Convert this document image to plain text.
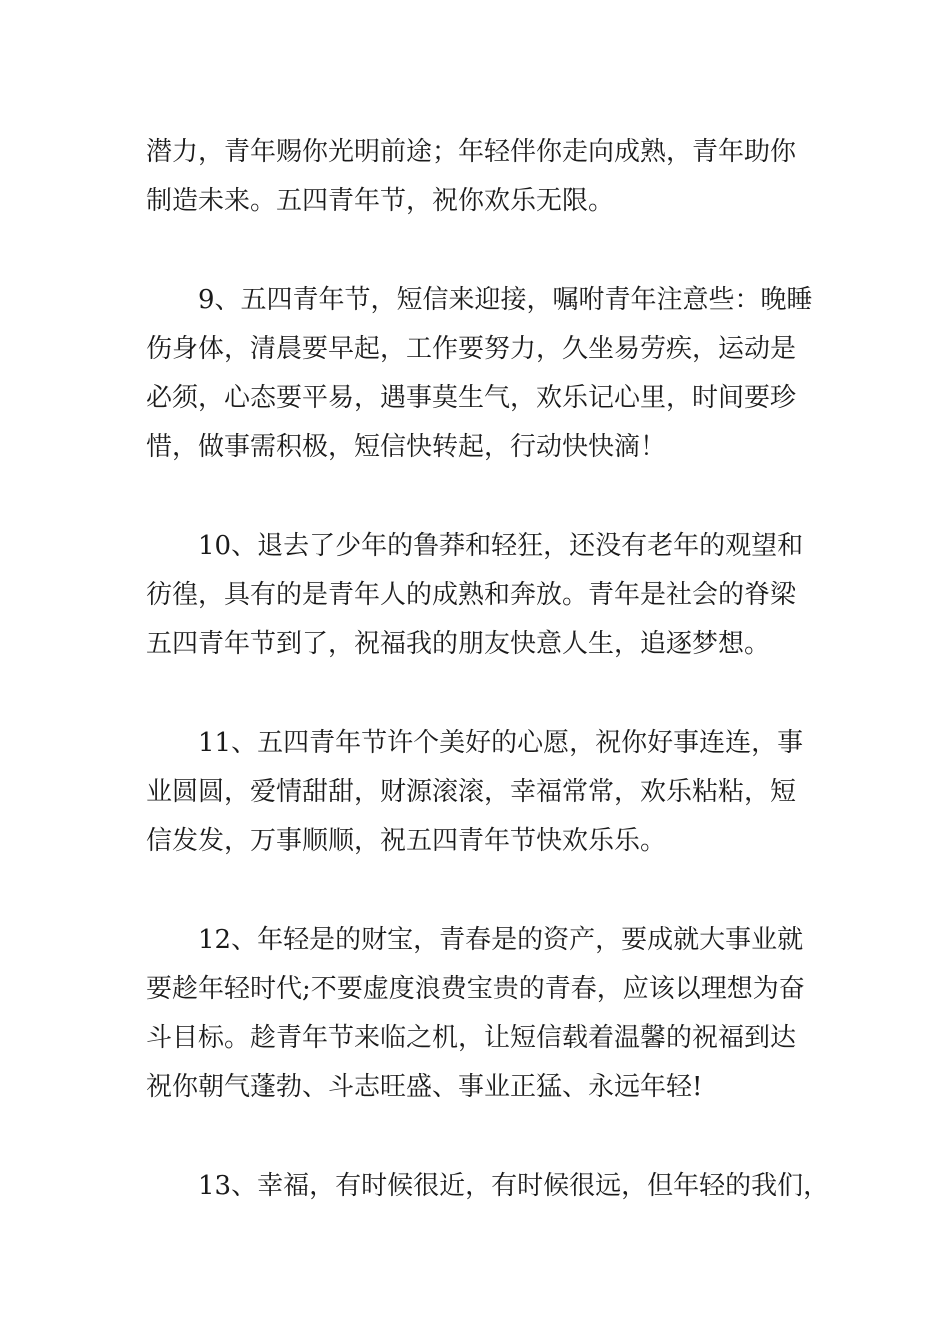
潜力，青年赐你光明前途；年轻伴你走向成熟，青年助你
制造未来。五四青年节，祝你欢乐无限。
9、五四青年节，短信来迎接，嘱咐青年注意些：晚睡
伤身体，清晨要早起，工作要努力，久坐易劳疾，运动是
必须，心态要平易，遇事莫生气，欢乐记心里，时间要珍
惜，做事需积极，短信快转起，行动快快滴！
10、退去了少年的鲁莽和轻狂，还没有老年的观望和
彷徨，具有的是青年人的成熟和奔放。青年是社会的脊梁
五四青年节到了，祝福我的朋友快意人生，追逐梦想。
11、五四青年节许个美好的心愿，祝你好事连连，事
业圆圆，爱情甜甜，财源滚滚，幸福常常，欢乐粘粘，短
信发发，万事顺顺，祝五四青年节快欢乐乐。
12、年轻是的财宝，青春是的资产，要成就大事业就
要趁年轻时代;不要虚度浪费宝贵的青春，应该以理想为奋
斗目标。趁青年节来临之机，让短信载着温馨的祝福到达
祝你朝气蓬勃、斗志旺盛、事业正猛、永远年轻!
13、幸福，有时候很近，有时候很远，但年轻的我们，
